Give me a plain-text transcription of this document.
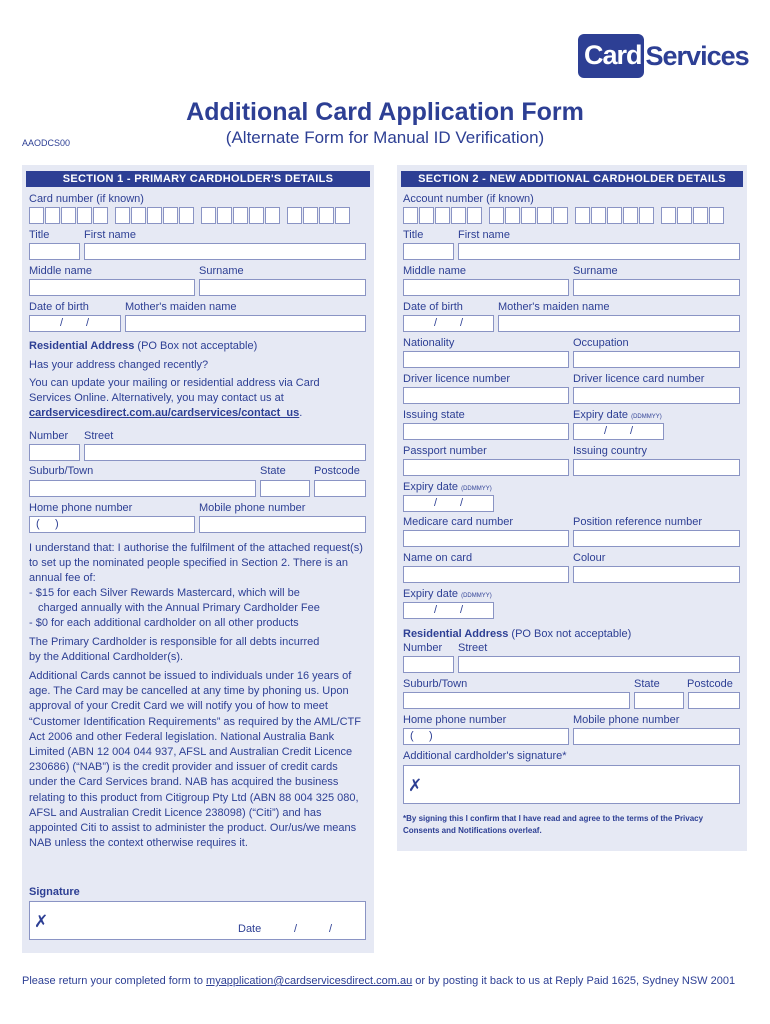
Card Services
Additional Card Application Form
(Alternate Form for Manual ID Verification)
AAODCS00
SECTION 1 - PRIMARY CARDHOLDER'S DETAILS
Card number (if known)
Title	First name
Middle name	Surname
Date of birth	Mother's maiden name
/ /
Residential Address (PO Box not acceptable)
Has your address changed recently?
You can update your mailing or residential address via Card Services Online. Alternatively, you may contact us at cardservicesdirect.com.au/cardservices/contact_us.
Number Street
Suburb/Town	State	Postcode
Home phone number	Mobile phone number
(     )
I understand that: I authorise the fulfilment of the attached request(s) to set up the nominated people specified in Section 2. There is an annual fee of:
- $15 for each Silver Rewards Mastercard, which will be
charged annually with the Annual Primary Cardholder Fee
- $0 for each additional cardholder on all other products
The Primary Cardholder is responsible for all debts incurred by the Additional Cardholder(s).
Additional Cards cannot be issued to individuals under 16 years of age. The Card may be cancelled at any time by phoning us. Upon approval of your Credit Card we will notify you of how to meet “Customer Identification Requirements” as required by the AML/CTF Act 2006 and other Federal legislation. National Australia Bank Limited (ABN 12 004 044 937, AFSL and Australian Credit Licence 230686) (“NAB”) is the credit provider and issuer of credit cards under the Card Services brand. NAB has acquired the business relating to this product from Citigroup Pty Ltd (ABN 88 004 325 080, AFSL and Australian Credit Licence 238098) (“Citi”) and has appointed Citi to assist to administer the product. Our/us/we means NAB unless the context otherwise requires it.
Signature
✗	Date	/	/
SECTION 2 - NEW ADDITIONAL CARDHOLDER DETAILS
Account number (if known)
Title	First name
Middle name	Surname
Date of birth	Mother's maiden name
/ /
Nationality	Occupation
Driver licence number	Driver licence card number
Issuing state	Expiry date (DDMMYY)
/ /
Passport number	Issuing country
Expiry date (DDMMYY)
/ /
Medicare card number	Position reference number
Name on card	Colour
Expiry date (DDMMYY)
/ /
Residential Address (PO Box not acceptable)
Number Street
Suburb/Town	State Postcode
Home phone number	Mobile phone number
(     )
Additional cardholder's signature*
✗
*By signing this I confirm that I have read and agree to the terms of the Privacy Consents and Notifications overleaf.
Please return your completed form to myapplication@cardservicesdirect.com.au or by posting it back to us at Reply Paid 1625, Sydney NSW 2001
